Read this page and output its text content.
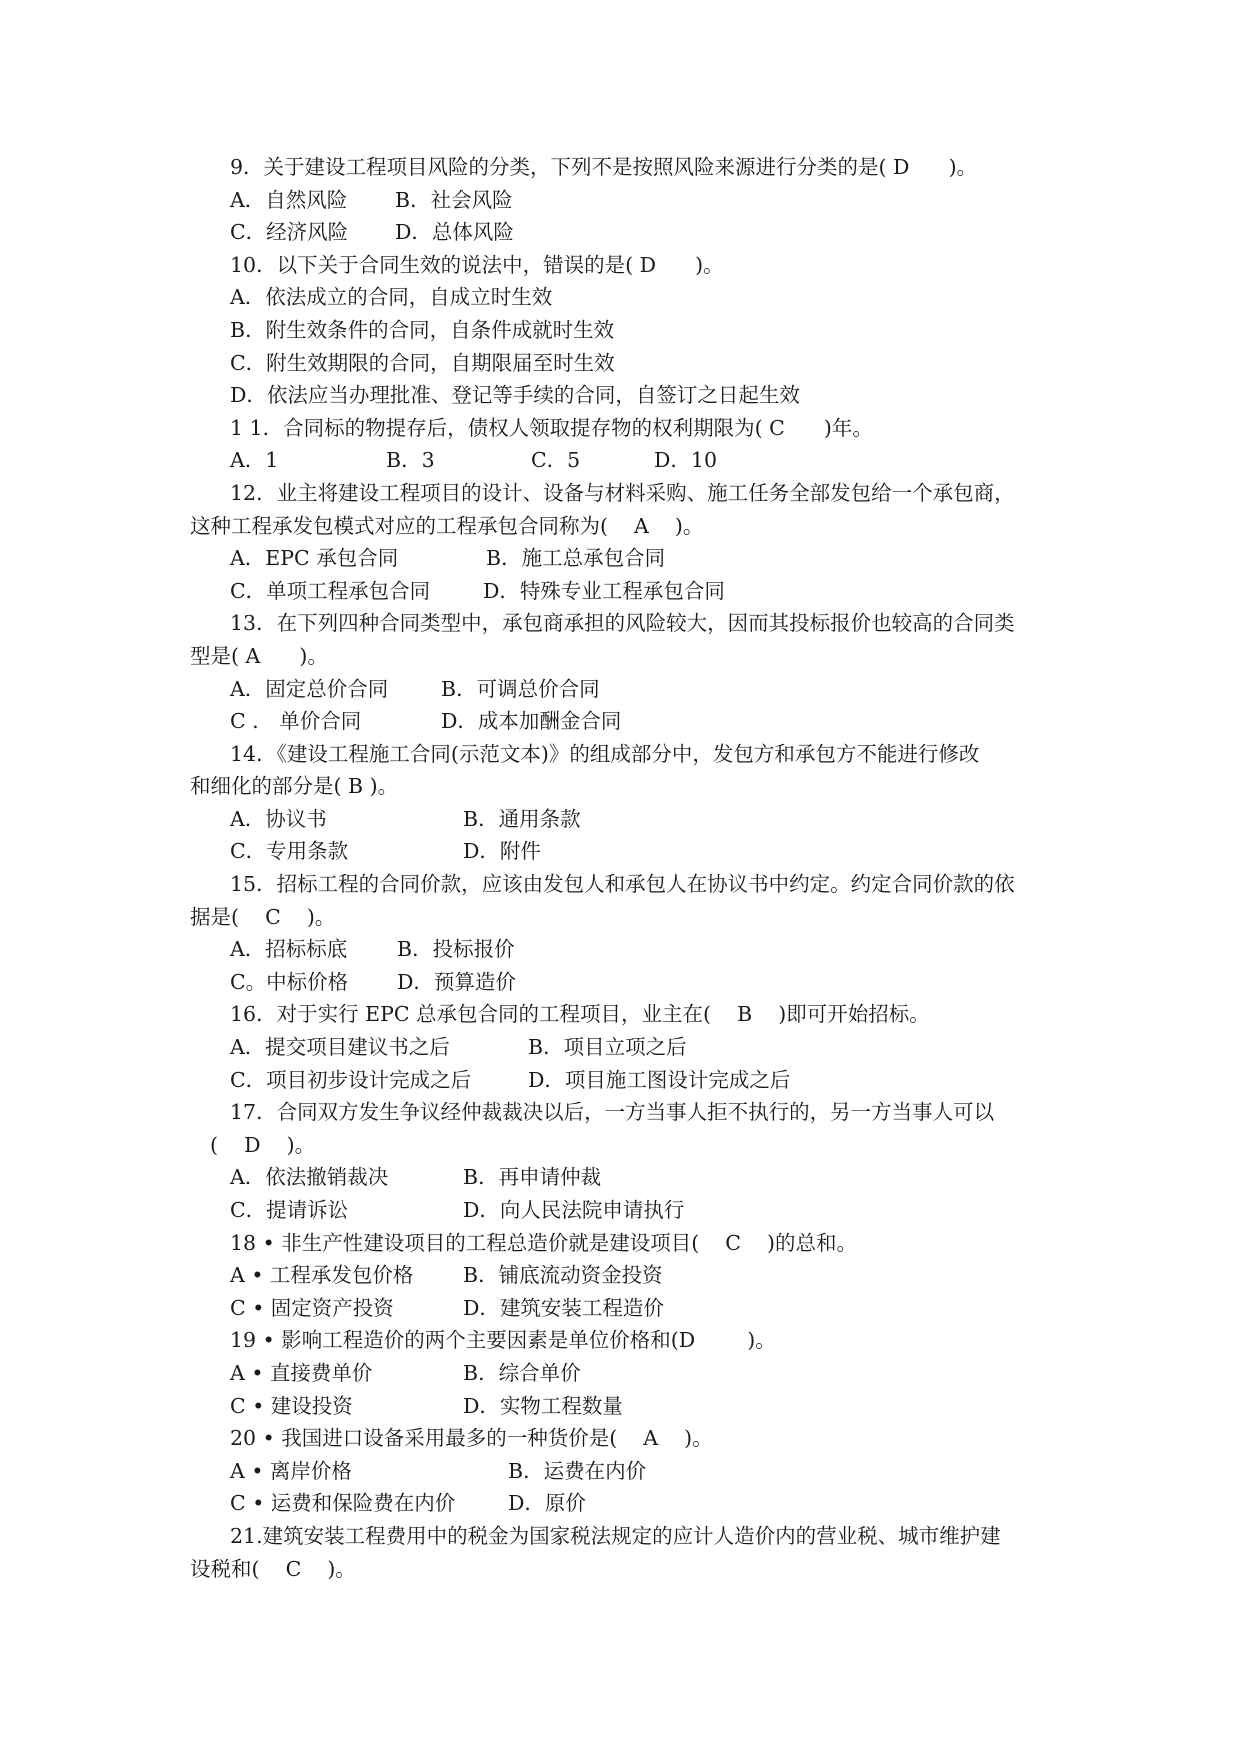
9．关于建设工程项目风险的分类，下列不是按照风险来源进行分类的是( D      )。

A．自然风险

B．社会风险

C．经济风险

D．总体风险

10．以下关于合同生效的说法中，错误的是( D      )。
A．依法成立的合同，自成立时生效
B．附生效条件的合同，自条件成就时生效
C．附生效期限的合同，自期限届至时生效
D．依法应当办理批准、登记等手续的合同，自签订之日起生效
1 1．合同标的物提存后，债权人领取提存物的权利期限为( C      )年。

A．1

	B．3

	C．5

	D．10

12．业主将建设工程项目的设计、设备与材料采购、施工任务全部发包给一个承包商，
这种工程承发包模式对应的工程承包合同称为(    A    )。

A．EPC 承包合同

	B．施工总承包合同

C．单项工程承包合同

	D．特殊专业工程承包合同

13．在下列四种合同类型中，承包商承担的风险较大，因而其投标报价也较高的合同类
型是( A      )。

A．固定总价合同

	B．可调总价合同

C ． 单价合同

	D．成本加酬金合同

14．《建设工程施工合同(示范文本)》的组成部分中，发包方和承包方不能进行修改
和细化的部分是( B )。

A．协议书

	B．通用条款

C．专用条款

	D．附件

15．招标工程的合同价款，应该由发包人和承包人在协议书中约定。约定合同价款的依
据是(    C    )。

A．招标标底

B．投标报价

C。中标价格

D．预算造价

16．对于实行 EPC 总承包合同的工程项目，业主在(    B    )即可开始招标。

A．提交项目建议书之后

	B．项目立项之后

C．项目初步设计完成之后

	D．项目施工图设计完成之后

17．合同双方发生争议经仲裁裁决以后，一方当事人拒不执行的，另一方当事人可以
(    D    )。

A．依法撤销裁决

	B．再申请仲裁

C．提请诉讼

	D．向人民法院申请执行

18 • 非生产性建设项目的工程总造价就是建设项目(    C    )的总和。

A • 工程承发包价格

B．铺底流动资金投资

C • 固定资产投资

	D．建筑安装工程造价

19 • 影响工程造价的两个主要因素是单位价格和(D        )。

A • 直接费单价

	B．综合单价

C • 建设投资

	D．实物工程数量

20 • 我国进口设备采用最多的一种货价是(    A    )。

A • 离岸价格

	B．运费在内价

C • 运费和保险费在内价

	D．原价

21.建筑安装工程费用中的税金为国家税法规定的应计人造价内的营业税、城市维护建
设税和(    C    )。
